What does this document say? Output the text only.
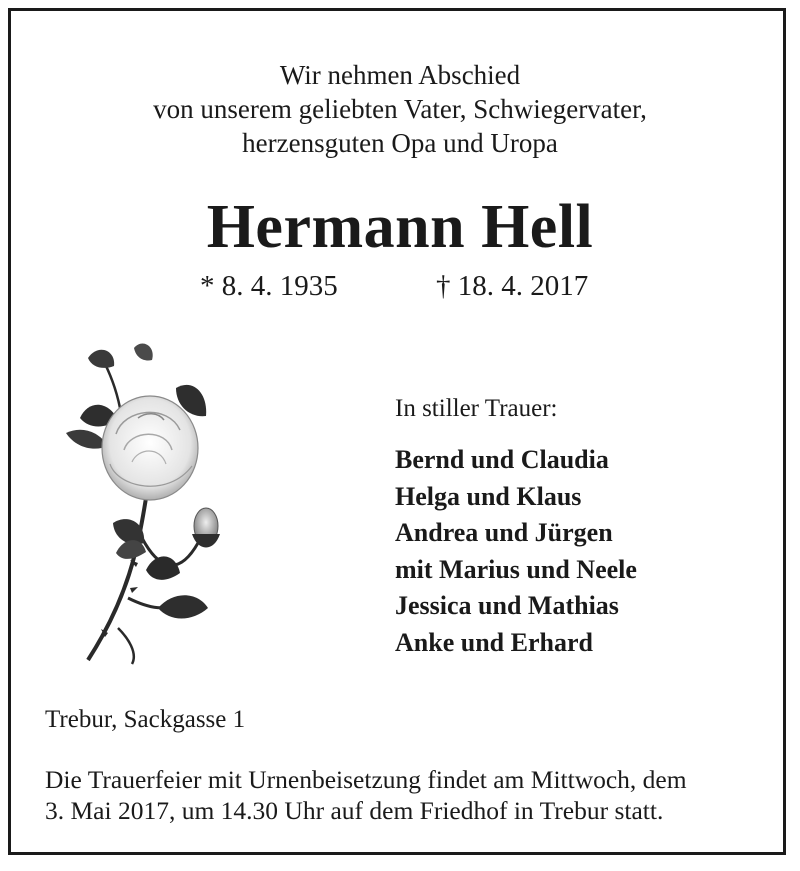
Wir nehmen Abschied
von unserem geliebten Vater, Schwiegervater,
herzensguten Opa und Uropa
Hermann Hell
* 8. 4. 1935	† 18. 4. 2017
In stiller Trauer:
Bernd und Claudia
Helga und Klaus
Andrea und Jürgen
mit Marius und Neele
Jessica und Mathias
Anke und Erhard
Trebur, Sackgasse 1
Die Trauerfeier mit Urnenbeisetzung findet am Mittwoch, dem
3. Mai 2017, um 14.30 Uhr auf dem Friedhof in Trebur statt.
